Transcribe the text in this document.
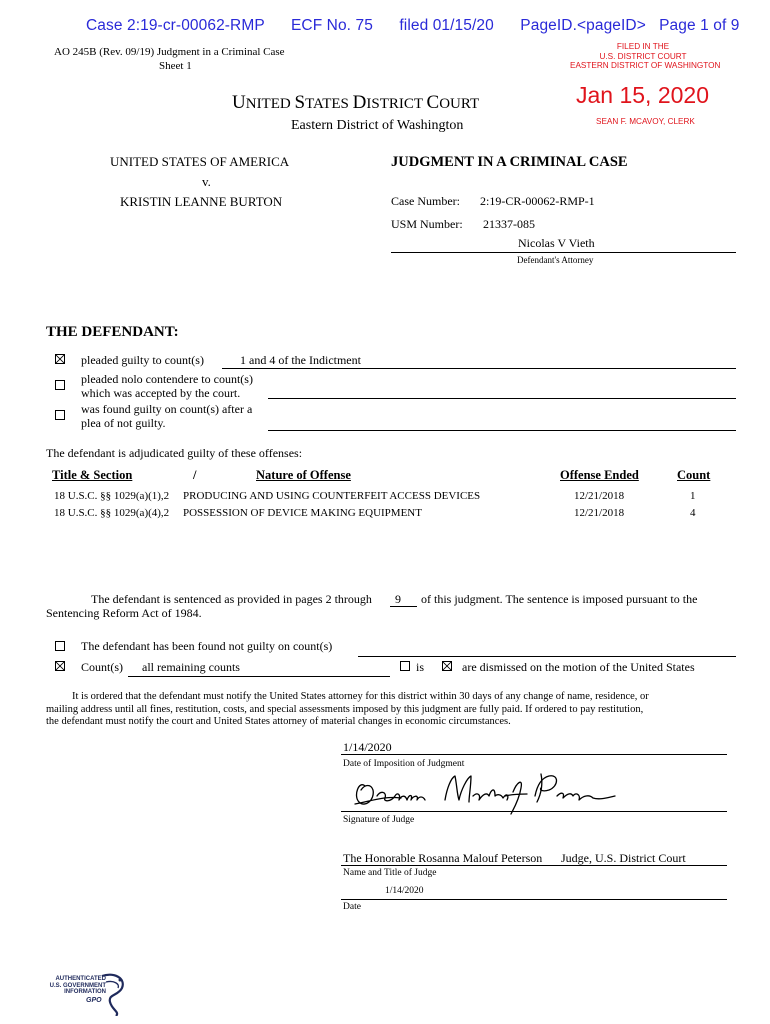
Case 2:19-cr-00062-RMP      ECF No. 75      filed 01/15/20      PageID.<pageID>   Page 1 of 9
AO 245B (Rev. 09/19) Judgment in a Criminal Case
Sheet 1
FILED IN THE
U.S. DISTRICT COURT
EASTERN DISTRICT OF WASHINGTON
Jan 15, 2020
SEAN F. MCAVOY, CLERK
UNITED STATES DISTRICT COURT
Eastern District of Washington
UNITED STATES OF AMERICA
v.
KRISTIN LEANNE BURTON
JUDGMENT IN A CRIMINAL CASE
Case Number: 2:19-CR-00062-RMP-1
USM Number: 21337-085
Nicolas V Vieth
Defendant's Attorney
THE DEFENDANT:
pleaded guilty to count(s)	1 and 4 of the Indictment
pleaded nolo contendere to count(s)
which was accepted by the court.
was found guilty on count(s) after a
plea of not guilty.
The defendant is adjudicated guilty of these offenses:
Title & Section	/	Nature of Offense	Offense Ended	Count
18 U.S.C. §§ 1029(a)(1),2 PRODUCING AND USING COUNTERFEIT ACCESS DEVICES	12/21/2018	1
18 U.S.C. §§ 1029(a)(4),2 POSSESSION OF DEVICE MAKING EQUIPMENT	12/21/2018	4
The defendant is sentenced as provided in pages 2 through 9 of this judgment. The sentence is imposed pursuant to the
Sentencing Reform Act of 1984.
The defendant has been found not guilty on count(s)
Count(s) all remaining counts	is	are dismissed on the motion of the United States
It is ordered that the defendant must notify the United States attorney for this district within 30 days of any change of name, residence, or
mailing address until all fines, restitution, costs, and special assessments imposed by this judgment are fully paid. If ordered to pay restitution,
the defendant must notify the court and United States attorney of material changes in economic circumstances.
1/14/2020
Date of Imposition of Judgment
Signature of Judge
The Honorable Rosanna Malouf Peterson Judge, U.S. District Court
Name and Title of Judge
1/14/2020
Date
AUTHENTICATED
U.S. GOVERNMENT
INFORMATION
GPO
